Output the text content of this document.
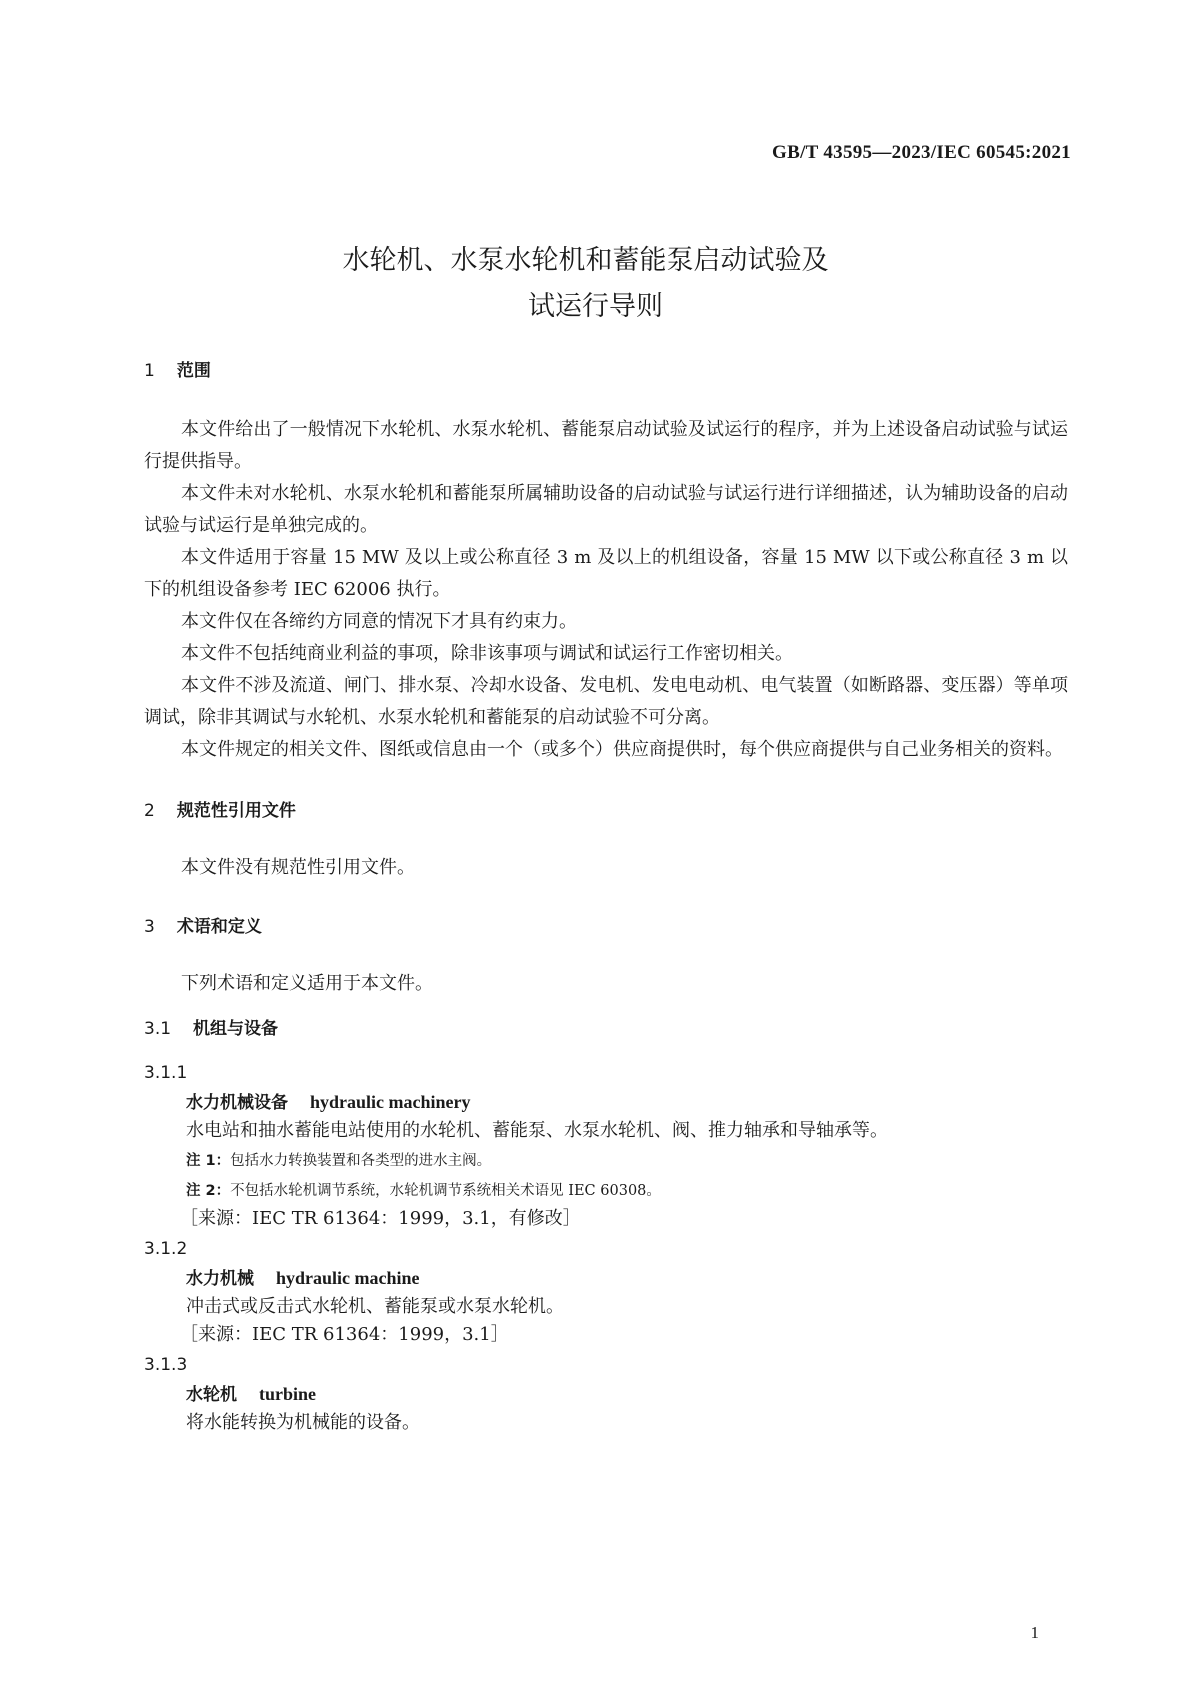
GB/T 43595—2023/IEC 60545:2021
水轮机、水泵水轮机和蓄能泵启动试验及
试运行导则
1 范围

本文件给出了一般情况下水轮机、水泵水轮机、蓄能泵启动试验及试运行的程序，并为上述设备启动试验与试运行提供指导。

本文件未对水轮机、水泵水轮机和蓄能泵所属辅助设备的启动试验与试运行进行详细描述，认为辅助设备的启动试验与试运行是单独完成的。

本文件适用于容量 15 MW 及以上或公称直径 3 m 及以上的机组设备，容量 15 MW 以下或公称直径 3 m 以下的机组设备参考 IEC 62006 执行。

本文件仅在各缔约方同意的情况下才具有约束力。

本文件不包括纯商业利益的事项，除非该事项与调试和试运行工作密切相关。

本文件不涉及流道、闸门、排水泵、冷却水设备、发电机、发电电动机、电气装置（如断路器、变压器）等单项调试，除非其调试与水轮机、水泵水轮机和蓄能泵的启动试验不可分离。

本文件规定的相关文件、图纸或信息由一个（或多个）供应商提供时，每个供应商提供与自己业务相关的资料。

2 规范性引用文件

本文件没有规范性引用文件。

3 术语和定义

下列术语和定义适用于本文件。

3.1 机组与设备
3.1.1
水力机械设备 hydraulic machinery
水电站和抽水蓄能电站使用的水轮机、蓄能泵、水泵水轮机、阀、推力轴承和导轴承等。
注 1：包括水力转换装置和各类型的进水主阀。
注 2：不包括水轮机调节系统，水轮机调节系统相关术语见 IEC 60308。
［来源：IEC TR 61364：1999，3.1，有修改］
3.1.2
水力机械 hydraulic machine
冲击式或反击式水轮机、蓄能泵或水泵水轮机。
［来源：IEC TR 61364：1999，3.1］
3.1.3
水轮机 turbine
将水能转换为机械能的设备。
1
